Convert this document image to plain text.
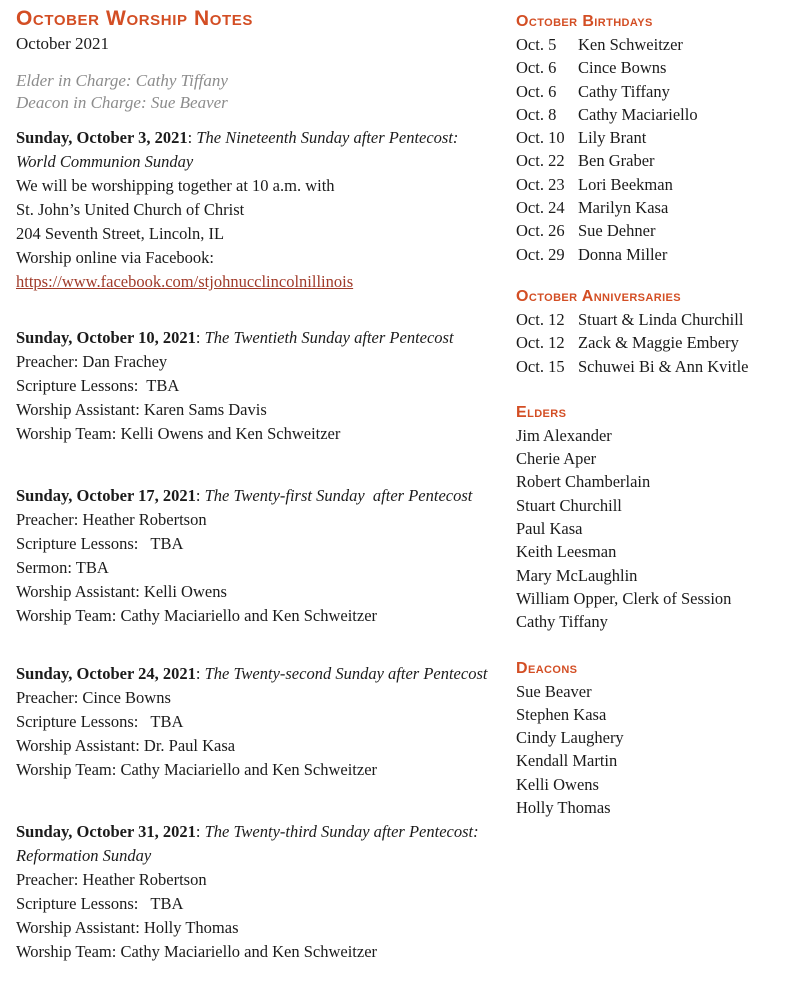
October Worship Notes
October 2021
Elder in Charge: Cathy Tiffany
Deacon in Charge: Sue Beaver

Sunday, October 3, 2021: The Nineteenth Sunday after Pentecost: World Communion Sunday

We will be worshipping together at 10 a.m. with

St. John’s United Church of Christ

204 Seventh Street, Lincoln, IL

Worship online via Facebook: https://www.facebook.com/stjohnucclincolnillinois

Sunday, October 10, 2021: The Twentieth Sunday after Pentecost

Preacher: Dan Frachey

Scripture Lessons:  TBA

Worship Assistant: Karen Sams Davis

Worship Team: Kelli Owens and Ken Schweitzer

Sunday, October 17, 2021: The Twenty-first Sunday  after Pentecost

Preacher: Heather Robertson

Scripture Lessons:   TBA

Sermon: TBA

Worship Assistant: Kelli Owens

Worship Team: Cathy Maciariello and Ken Schweitzer

Sunday, October 24, 2021: The Twenty-second Sunday after Pentecost

Preacher: Cince Bowns

Scripture Lessons:   TBA

Worship Assistant: Dr. Paul Kasa

Worship Team: Cathy Maciariello and Ken Schweitzer

Sunday, October 31, 2021: The Twenty-third Sunday after Pentecost: Reformation Sunday

Preacher: Heather Robertson

Scripture Lessons:   TBA

Worship Assistant: Holly Thomas

Worship Team: Cathy Maciariello and Ken Schweitzer

October Birthdays
Oct. 5 Ken Schweitzer
Oct. 6 Cince Bowns
Oct. 6 Cathy Tiffany
Oct. 8 Cathy Maciariello
Oct. 10 Lily Brant
Oct. 22 Ben Graber
Oct. 23 Lori Beekman
Oct. 24 Marilyn Kasa
Oct. 26 Sue Dehner
Oct. 29 Donna Miller
October Anniversaries
Oct. 12 Stuart & Linda Churchill
Oct. 12 Zack & Maggie Embery
Oct. 15 Schuwei Bi & Ann Kvitle
Elders
Jim Alexander
Cherie Aper
Robert Chamberlain
Stuart Churchill
Paul Kasa
Keith Leesman
Mary McLaughlin
William Opper, Clerk of Session
Cathy Tiffany
Deacons
Sue Beaver
Stephen Kasa
Cindy Laughery
Kendall Martin
Kelli Owens
Holly Thomas
